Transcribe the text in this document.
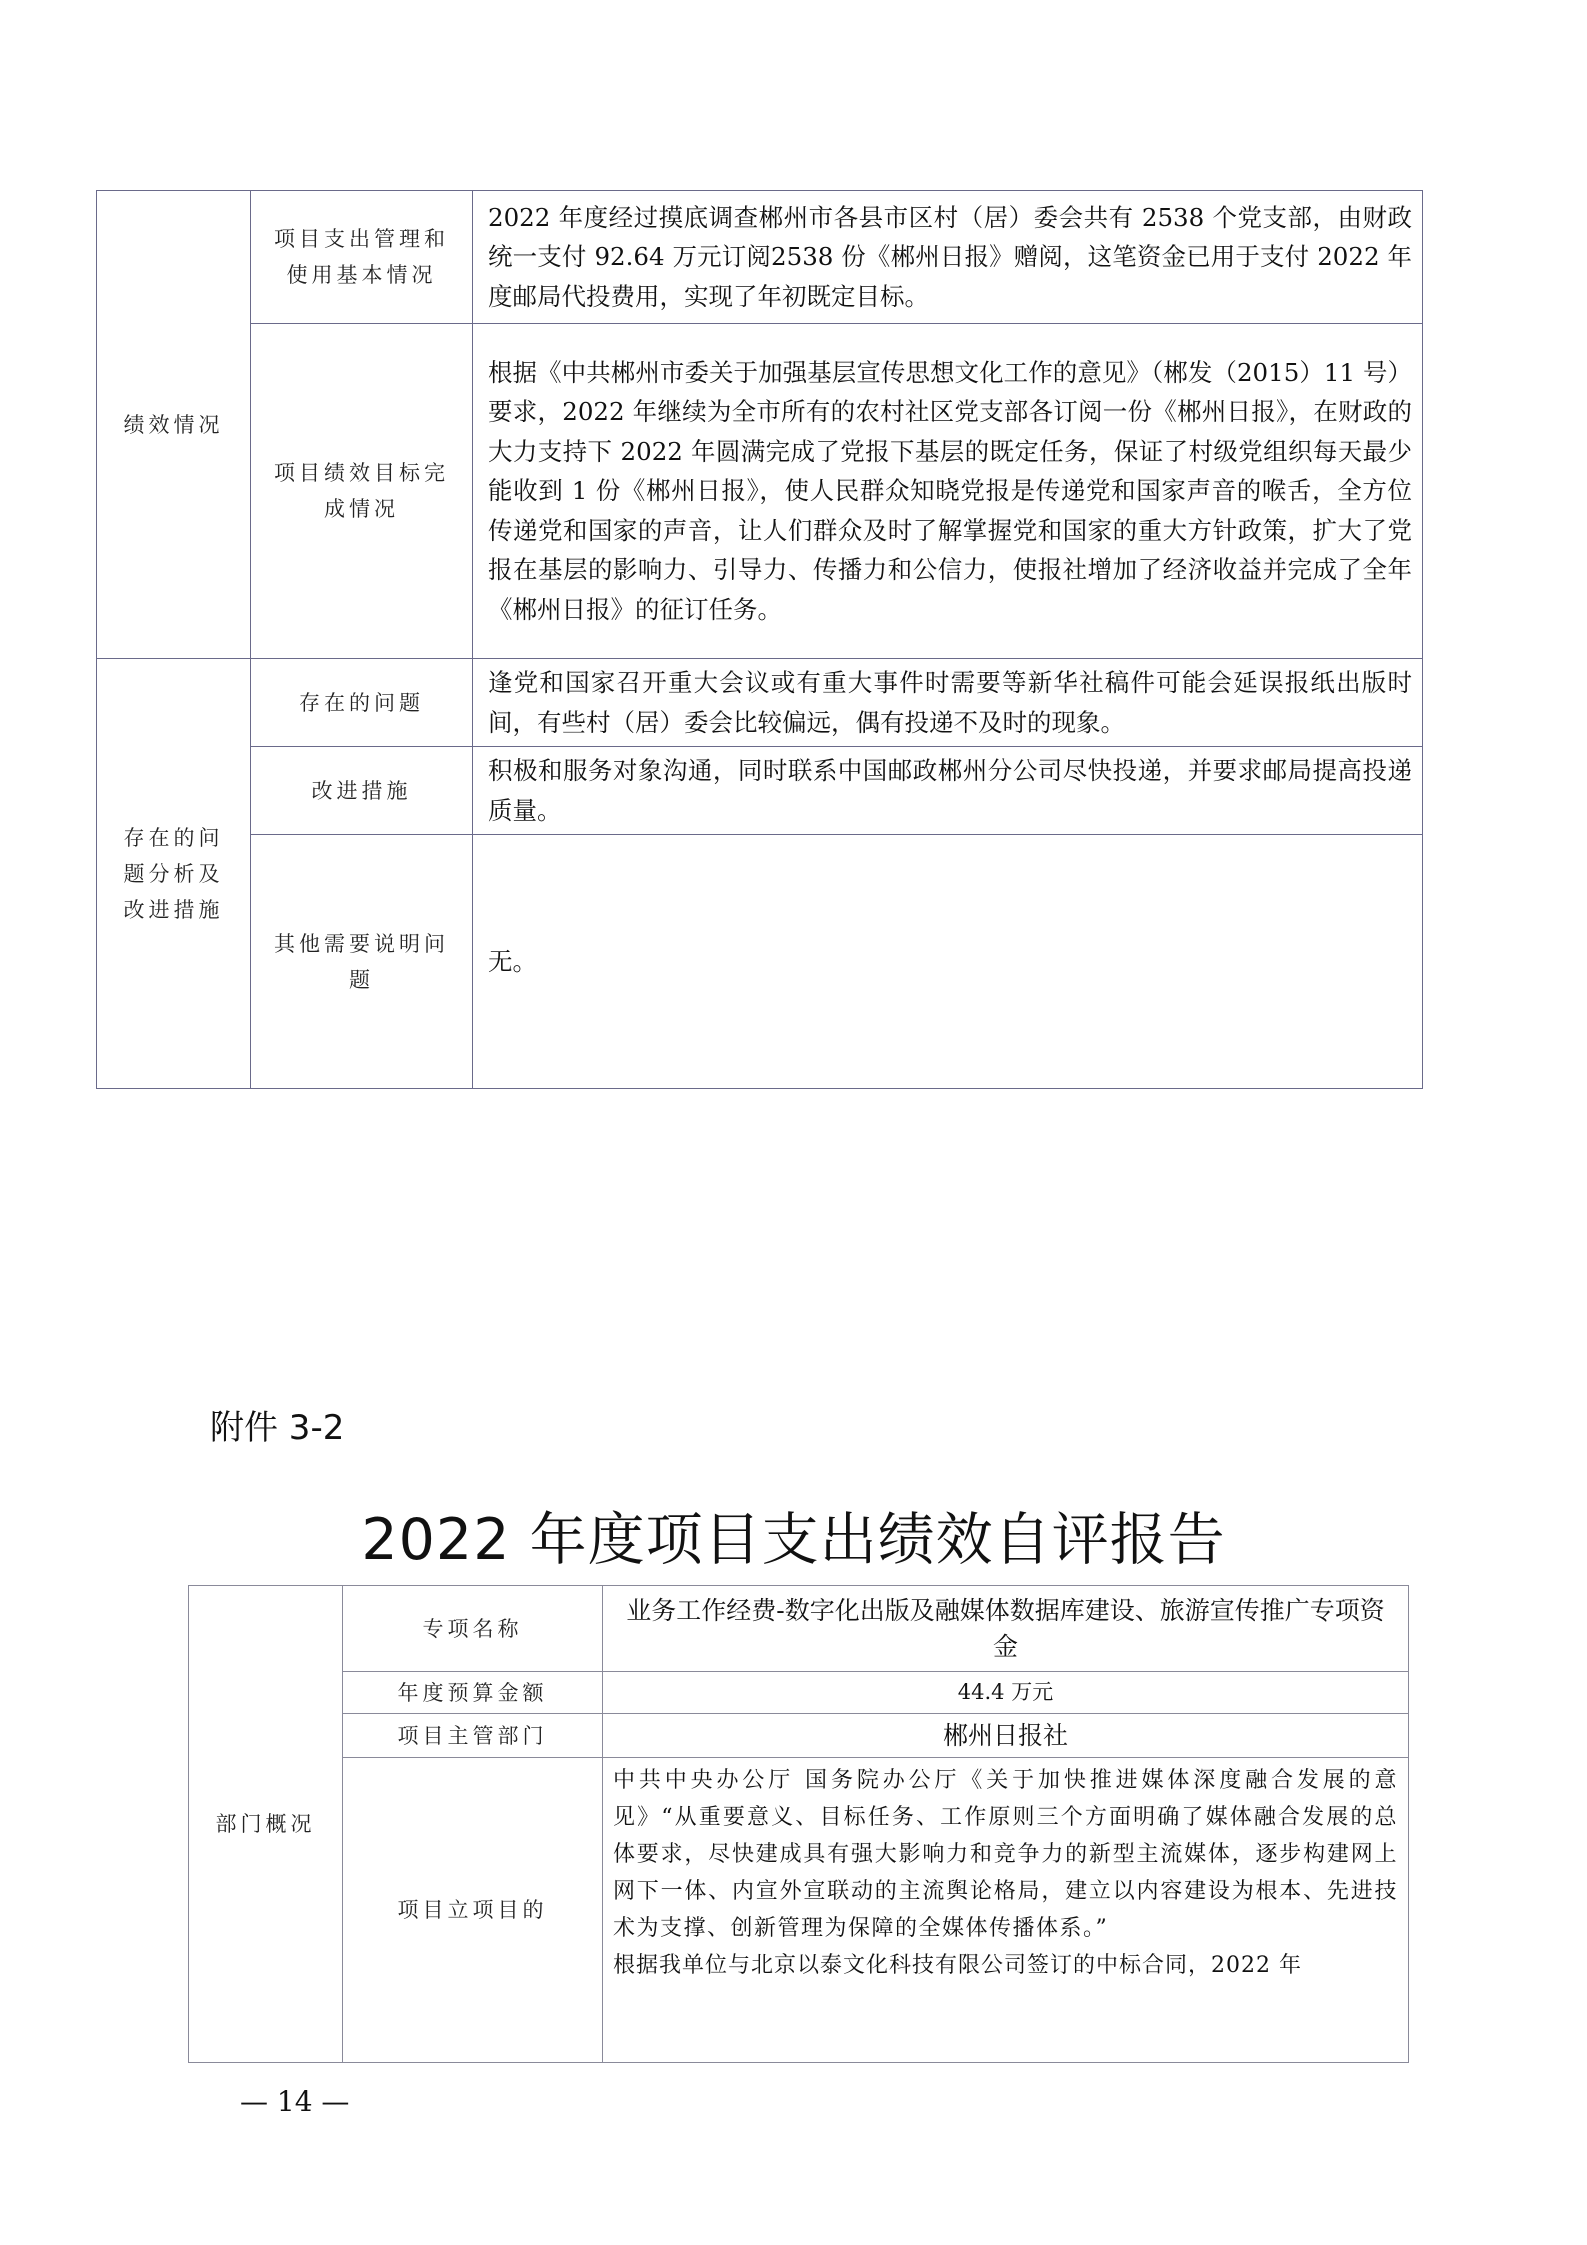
绩效情况	项目支出管理和使用基本情况	2022 年度经过摸底调查郴州市各县市区村（居）委会共有 2538 个党支部，由财政统一支付 92.64 万元订阅2538 份《郴州日报》赠阅，这笔资金已用于支付 2022 年度邮局代投费用，实现了年初既定目标。
	项目绩效目标完成情况	根据《中共郴州市委关于加强基层宣传思想文化工作的意见》（郴发（2015）11 号）要求，2022 年继续为全市所有的农村社区党支部各订阅一份《郴州日报》，在财政的大力支持下 2022 年圆满完成了党报下基层的既定任务，保证了村级党组织每天最少能收到 1 份《郴州日报》，使人民群众知晓党报是传递党和国家声音的喉舌，全方位传递党和国家的声音，让人们群众及时了解掌握党和国家的重大方针政策，扩大了党报在基层的影响力、引导力、传播力和公信力，使报社增加了经济收益并完成了全年《郴州日报》的征订任务。
存在的问题分析及改进措施	存在的问题	逢党和国家召开重大会议或有重大事件时需要等新华社稿件可能会延误报纸出版时间，有些村（居）委会比较偏远，偶有投递不及时的现象。
	改进措施	积极和服务对象沟通，同时联系中国邮政郴州分公司尽快投递，并要求邮局提高投递质量。
	其他需要说明问题	无。
附件 3-2
2022 年度项目支出绩效自评报告
部门概况	专项名称	业务工作经费-数字化出版及融媒体数据库建设、旅游宣传推广专项资金
	年度预算金额	44.4 万元
	项目主管部门	郴州日报社
	项目立项目的	中共中央办公厅 国务院办公厅《关于加快推进媒体深度融合发展的意见》“从重要意义、目标任务、工作原则三个方面明确了媒体融合发展的总体要求，尽快建成具有强大影响力和竞争力的新型主流媒体，逐步构建网上网下一体、内宣外宣联动的主流舆论格局，建立以内容建设为根本、先进技术为支撑、创新管理为保障的全媒体传播体系。”
根据我单位与北京以泰文化科技有限公司签订的中标合同，2022 年
— 14 —
